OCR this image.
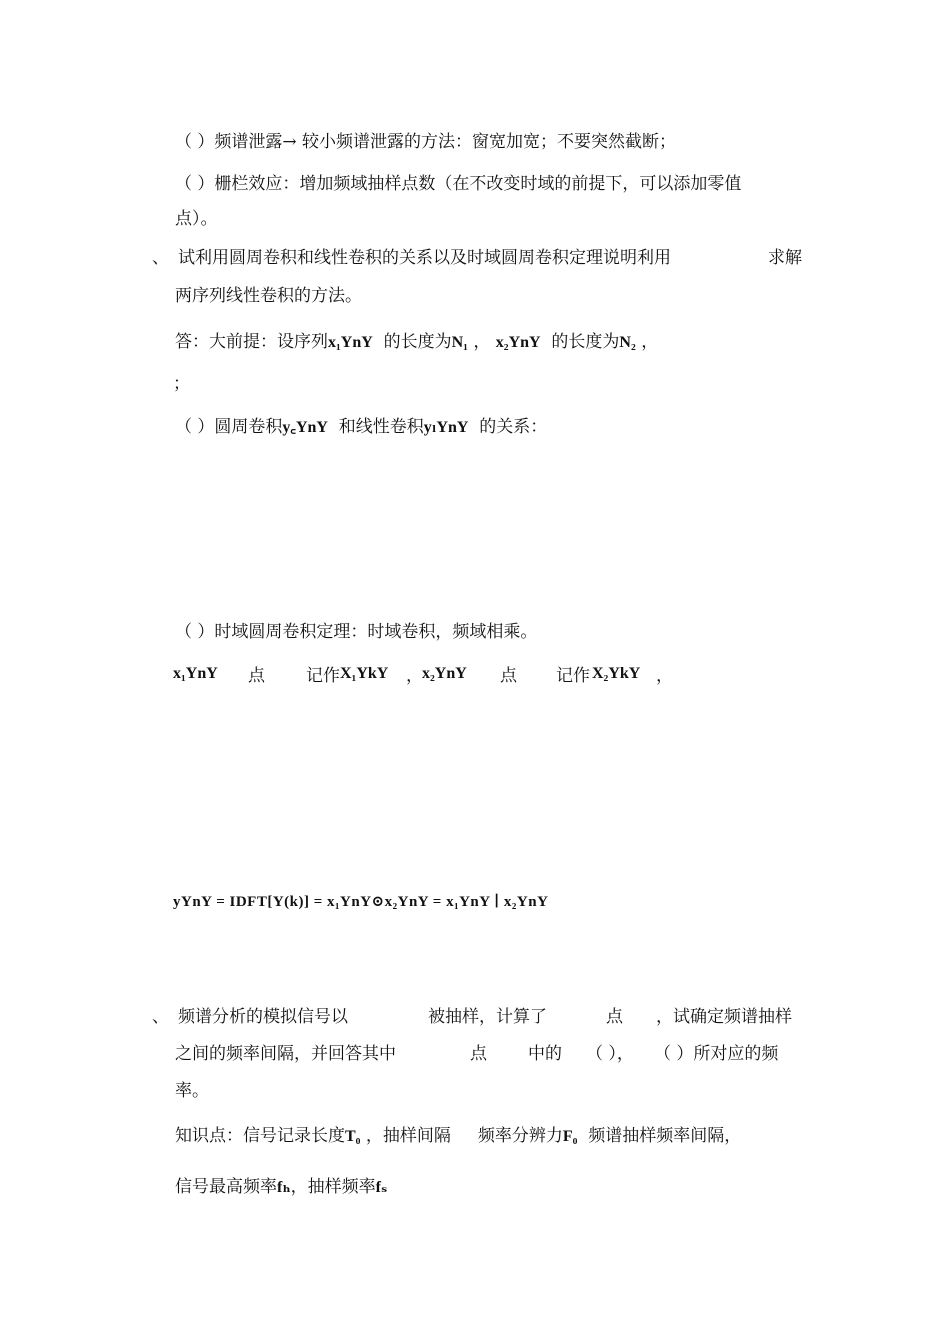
（ ）频谱泄露→ 较小频谱泄露的方法：窗宽加宽；不要突然截断；
（ ）栅栏效应：增加频域抽样点数（在不改变时域的前提下，可以添加零值
点）。
、 试利用圆周卷积和线性卷积的关系以及时域圆周卷积定理说明利用	求解
两序列线性卷积的方法。
答：大前提：设序列x₁YnY 的长度为N₁ ， x₂YnY 的长度为N₂ ，
；
（ ）圆周卷积y꜀YnY 和线性卷积yₗYnY 的关系：
（ ）时域圆周卷积定理：时域卷积，频域相乘。
x₁YnY 点 记作 X₁YkY ， x₂YnY 点 记作 X₂YkY ，
yYnY = IDFT[Y(k)] = x₁YnY⊙x₂YnY = x₁YnY ∣ x₂YnY
、 频谱分析的模拟信号以	被抽样，计算了	点 ，试确定频谱抽样
之间的频率间隔，并回答其中	点 中的 （ ）， （ ）所对应的频
率。
知识点：信号记录长度T₀ ，抽样间隔 频率分辨力F₀ 频谱抽样频率间隔，
信号最高频率fₕ，抽样频率fₛ
